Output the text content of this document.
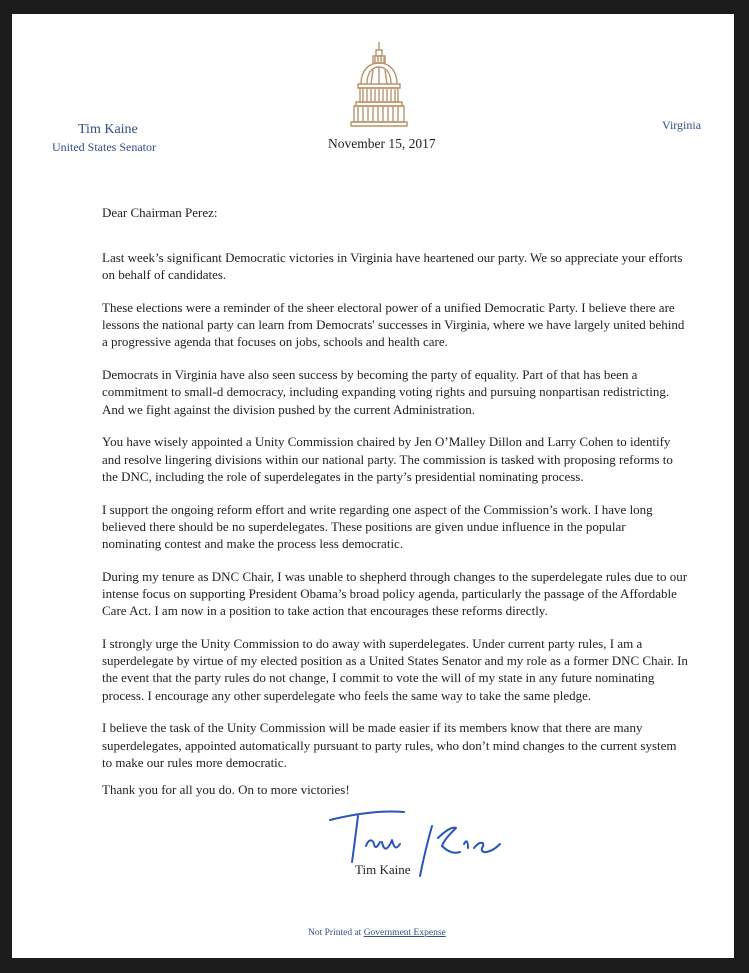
Tim Kaine
United States Senator
Virginia
November 15, 2017
Dear Chairman Perez:

Last week’s significant Democratic victories in Virginia have heartened our party. We so appreciate your efforts on behalf of candidates.

These elections were a reminder of the sheer electoral power of a unified Democratic Party. I believe there are lessons the national party can learn from Democrats' successes in Virginia, where we have largely united behind a progressive agenda that focuses on jobs, schools and health care.

Democrats in Virginia have also seen success by becoming the party of equality. Part of that has been a commitment to small-d democracy, including expanding voting rights and pursuing nonpartisan redistricting. And we fight against the division pushed by the current Administration.

You have wisely appointed a Unity Commission chaired by Jen O’Malley Dillon and Larry Cohen to identify and resolve lingering divisions within our national party. The commission is tasked with proposing reforms to the DNC, including the role of superdelegates in the party’s presidential nominating process.

I support the ongoing reform effort and write regarding one aspect of the Commission’s work. I have long believed there should be no superdelegates. These positions are given undue influence in the popular nominating contest and make the process less democratic.

During my tenure as DNC Chair, I was unable to shepherd through changes to the superdelegate rules due to our intense focus on supporting President Obama’s broad policy agenda, particularly the passage of the Affordable Care Act. I am now in a position to take action that encourages these reforms directly.

I strongly urge the Unity Commission to do away with superdelegates. Under current party rules, I am a superdelegate by virtue of my elected position as a United States Senator and my role as a former DNC Chair. In the event that the party rules do not change, I commit to vote the will of my state in any future nominating process. I encourage any other superdelegate who feels the same way to take the same pledge.

I believe the task of the Unity Commission will be made easier if its members know that there are many superdelegates, appointed automatically pursuant to party rules, who don’t mind changes to the current system to make our rules more democratic.

Thank you for all you do. On to more victories!
Tim Kaine
Not Printed at Government Expense
